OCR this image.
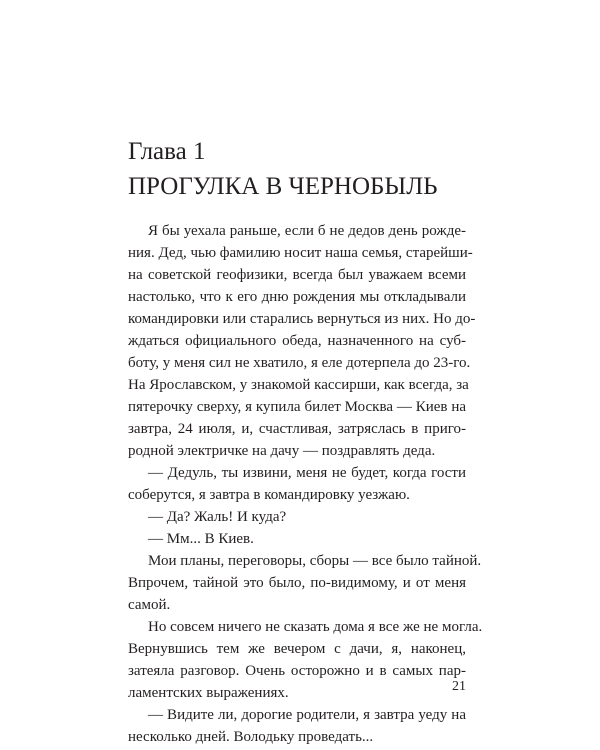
Глава 1
ПРОГУЛКА В ЧЕРНОБЫЛЬ
Я бы уехала раньше, если б не дедов день рожде-
ния. Дед, чью фамилию носит наша семья, старейши-
на советской геофизики, всегда был уважаем всеми
настолько, что к его дню рождения мы откладывали
командировки или старались вернуться из них. Но до-
ждаться официального обеда, назначенного на суб-
боту, у меня сил не хватило, я еле дотерпела до 23-го.
На Ярославском, у знакомой кассирши, как всегда, за
пятерочку сверху, я купила билет Москва — Киев на
завтра, 24 июля, и, счастливая, затряслась в приго-
родной электричке на дачу — поздравлять деда.
— Дедуль, ты извини, меня не будет, когда гости
соберутся, я завтра в командировку уезжаю.
— Да? Жаль! И куда?
— Мм... В Киев.
Мои планы, переговоры, сборы — все было тайной.
Впрочем, тайной это было, по-видимому, и от меня
самой.
Но совсем ничего не сказать дома я все же не могла.
Вернувшись тем же вечером с дачи, я, наконец,
затеяла разговор. Очень осторожно и в самых пар-
ламентских выражениях.
— Видите ли, дорогие родители, я завтра уеду на
несколько дней. Володьку проведать...
21
